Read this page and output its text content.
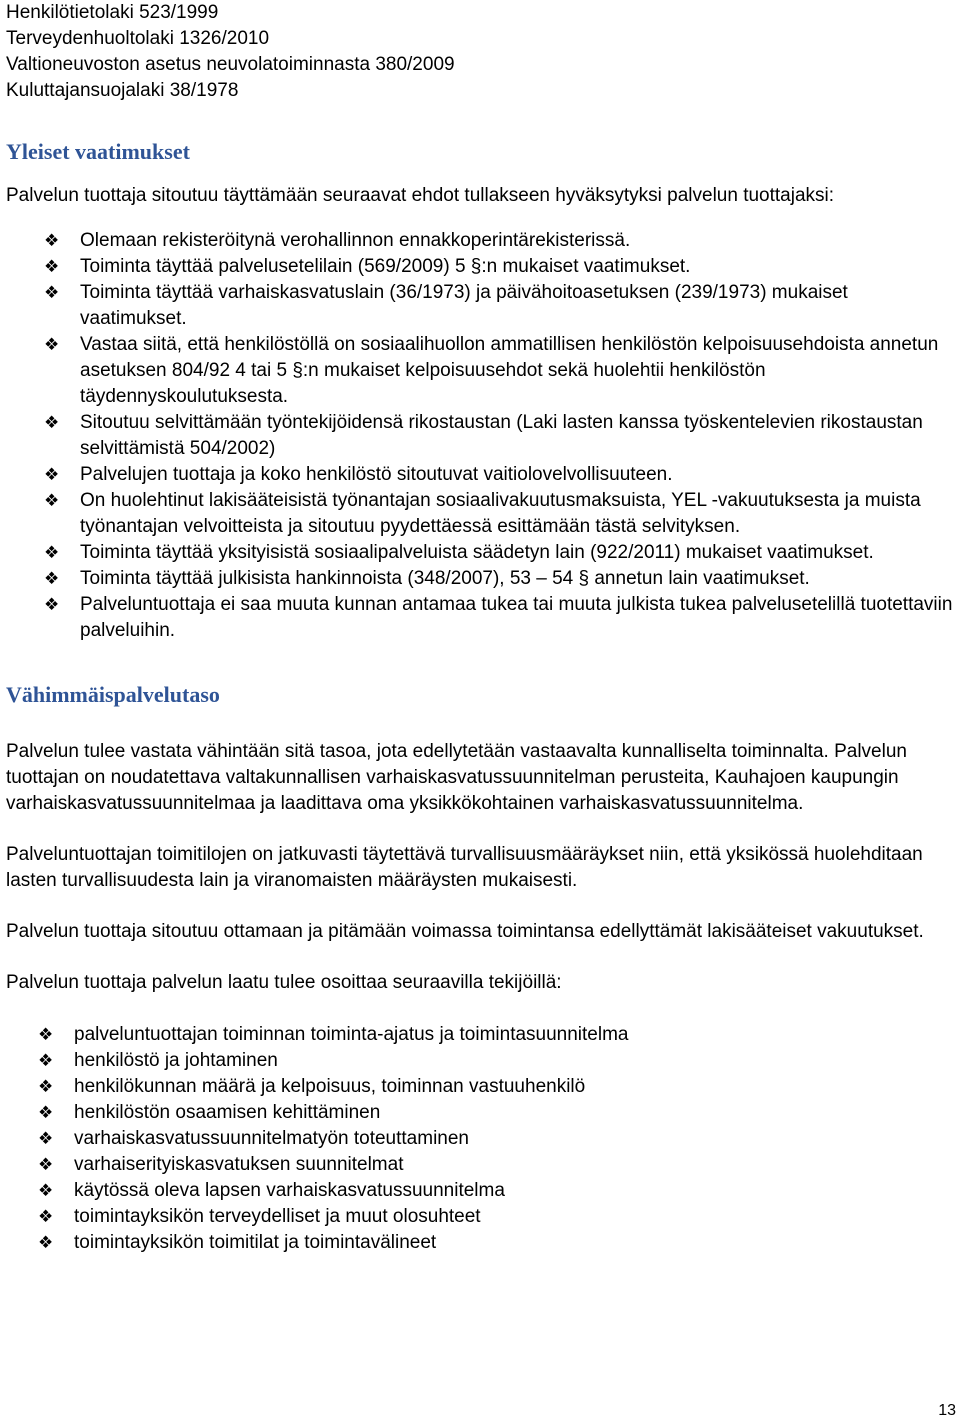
Henkilötietolaki 523/1999
Terveydenhuoltolaki 1326/2010
Valtioneuvoston asetus neuvolatoiminnasta 380/2009
Kuluttajansuojalaki 38/1978
Yleiset vaatimukset

Palvelun tuottaja sitoutuu täyttämään seuraavat ehdot tullakseen hyväksytyksi palvelun tuottajaksi:

❖ Olemaan rekisteröitynä verohallinnon ennakkoperintärekisterissä.
❖ Toiminta täyttää palvelusetelilain (569/2009) 5 §:n mukaiset vaatimukset.
❖ Toiminta täyttää varhaiskasvatuslain (36/1973) ja päivähoitoasetuksen (239/1973) mukaiset vaatimukset.
❖ Vastaa siitä, että henkilöstöllä on sosiaalihuollon ammatillisen henkilöstön kelpoisuusehdoista annetun asetuksen 804/92 4 tai 5 §:n mukaiset kelpoisuusehdot sekä huolehtii henkilöstön täydennyskoulutuksesta.
❖ Sitoutuu selvittämään työntekijöidensä rikostaustan (Laki lasten kanssa työskentelevien rikostaustan selvittämistä 504/2002)
❖ Palvelujen tuottaja ja koko henkilöstö sitoutuvat vaitiolovelvollisuuteen.
❖ On huolehtinut lakisääteisistä työnantajan sosiaalivakuutusmaksuista, YEL -vakuutuksesta ja muista työnantajan velvoitteista ja sitoutuu pyydettäessä esittämään tästä selvityksen.
❖ Toiminta täyttää yksityisistä sosiaalipalveluista säädetyn lain (922/2011) mukaiset vaatimukset.
❖ Toiminta täyttää julkisista hankinnoista (348/2007), 53 – 54 § annetun lain vaatimukset.
❖ Palveluntuottaja ei saa muuta kunnan antamaa tukea tai muuta julkista tukea palvelusetelillä tuotettaviin palveluihin.
Vähimmäispalvelutaso

Palvelun tulee vastata vähintään sitä tasoa, jota edellytetään vastaavalta kunnalliselta toiminnalta. Palvelun tuottajan on noudatettava valtakunnallisen varhaiskasvatussuunnitelman perusteita, Kauhajoen kaupungin varhaiskasvatussuunnitelmaa ja laadittava oma yksikkökohtainen varhaiskasvatussuunnitelma.

Palveluntuottajan toimitilojen on jatkuvasti täytettävä turvallisuusmääräykset niin, että yksikössä huolehditaan lasten turvallisuudesta lain ja viranomaisten määräysten mukaisesti.

Palvelun tuottaja sitoutuu ottamaan ja pitämään voimassa toimintansa edellyttämät lakisääteiset vakuutukset.

Palvelun tuottaja palvelun laatu tulee osoittaa seuraavilla tekijöillä:

❖ palveluntuottajan toiminnan toiminta-ajatus ja toimintasuunnitelma
❖ henkilöstö ja johtaminen
❖ henkilökunnan määrä ja kelpoisuus, toiminnan vastuuhenkilö
❖ henkilöstön osaamisen kehittäminen
❖ varhaiskasvatussuunnitelmatyön toteuttaminen
❖ varhaiserityiskasvatuksen suunnitelmat
❖ käytössä oleva lapsen varhaiskasvatussuunnitelma
❖ toimintayksikön terveydelliset ja muut olosuhteet
❖ toimintayksikön toimitilat ja toimintavälineet
13
